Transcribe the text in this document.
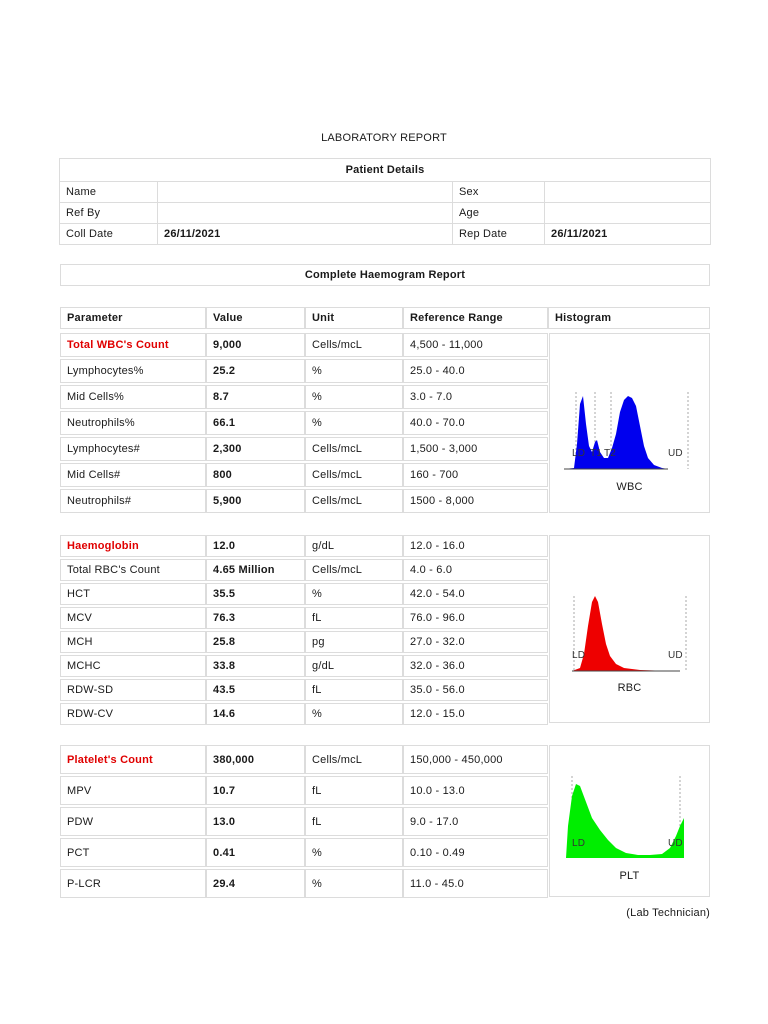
LABORATORY REPORT
Patient Details			
Name		Sex	
Ref By		Age	
Coll Date	26/11/2021	Rep Date	26/11/2021
Complete Haemogram Report
Parameter	Value	Unit	Reference Range	Histogram
Total WBC's Count	9,000	Cells/mcL	4,500 - 11,000
Lymphocytes%	25.2	%	25.0 - 40.0
Mid Cells%	8.7	%	3.0 - 7.0
Neutrophils%	66.1	%	40.0 - 70.0
Lymphocytes#	2,300	Cells/mcL	1,500 - 3,000
Mid Cells#	800	Cells/mcL	160 - 700
Neutrophils#	5,900	Cells/mcL	1500 - 8,000
Haemoglobin	12.0	g/dL	12.0 - 16.0
Total RBC's Count	4.65 Million	Cells/mcL	4.0 - 6.0
HCT	35.5	%	42.0 - 54.0
MCV	76.3	fL	76.0 - 96.0
MCH	25.8	pg	27.0 - 32.0
MCHC	33.8	g/dL	32.0 - 36.0
RDW-SD	43.5	fL	35.0 - 56.0
RDW-CV	14.6	%	12.0 - 15.0
Platelet's Count	380,000	Cells/mcL	150,000 - 450,000
MPV	10.7	fL	10.0 - 13.0
PDW	13.0	fL	9.0 - 17.0
PCT	0.41	%	0.10 - 0.49
P-LCR	29.4	%	11.0 - 45.0
LD T1 T2	UD
WBC
LD	UD
RBC
LD	UD
PLT
(Lab Technician)
